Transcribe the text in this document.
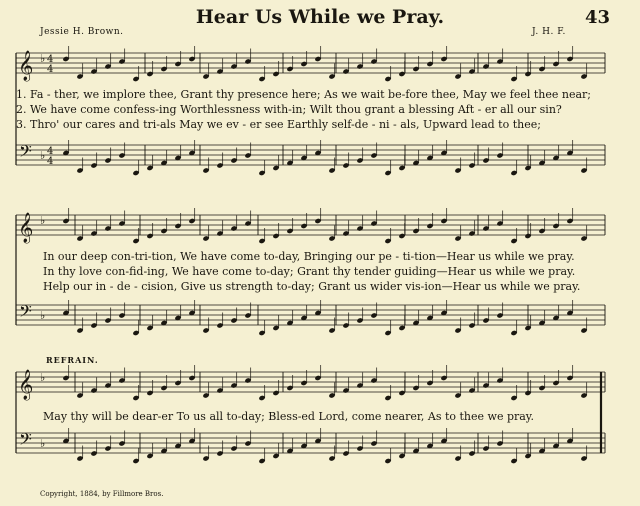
𝄞
𝄢
♭
♭
4
4
4
4
𝄞
𝄢
♭
♭
𝄞
𝄢
♭
♭
Hear Us While we Pray.	43
Jessie H. Brown.	J. H. F.
1. Fa - ther, we implore thee, Grant thy presence here; As we wait be-fore thee, May we feel thee near;
2. We have come confess-ing Worthlessness with-in; Wilt thou grant a blessing Aft - er all our sin?
3. Thro' our cares and tri-als May we ev - er see Earthly self-de - ni - als, Upward lead to thee;
In our deep con-tri-tion, We have come to-day, Bringing our pe - ti-tion—Hear us while we pray.
In thy love con-fid-ing, We have come to-day; Grant thy tender guiding—Hear us while we pray.
Help our in - de - cision, Give us strength to-day; Grant us wider vis-ion—Hear us while we pray.
REFRAIN.
May thy will be dear-er To us all to-day; Bless-ed Lord, come nearer, As to thee we pray.
Copyright, 1884, by Fillmore Bros.
